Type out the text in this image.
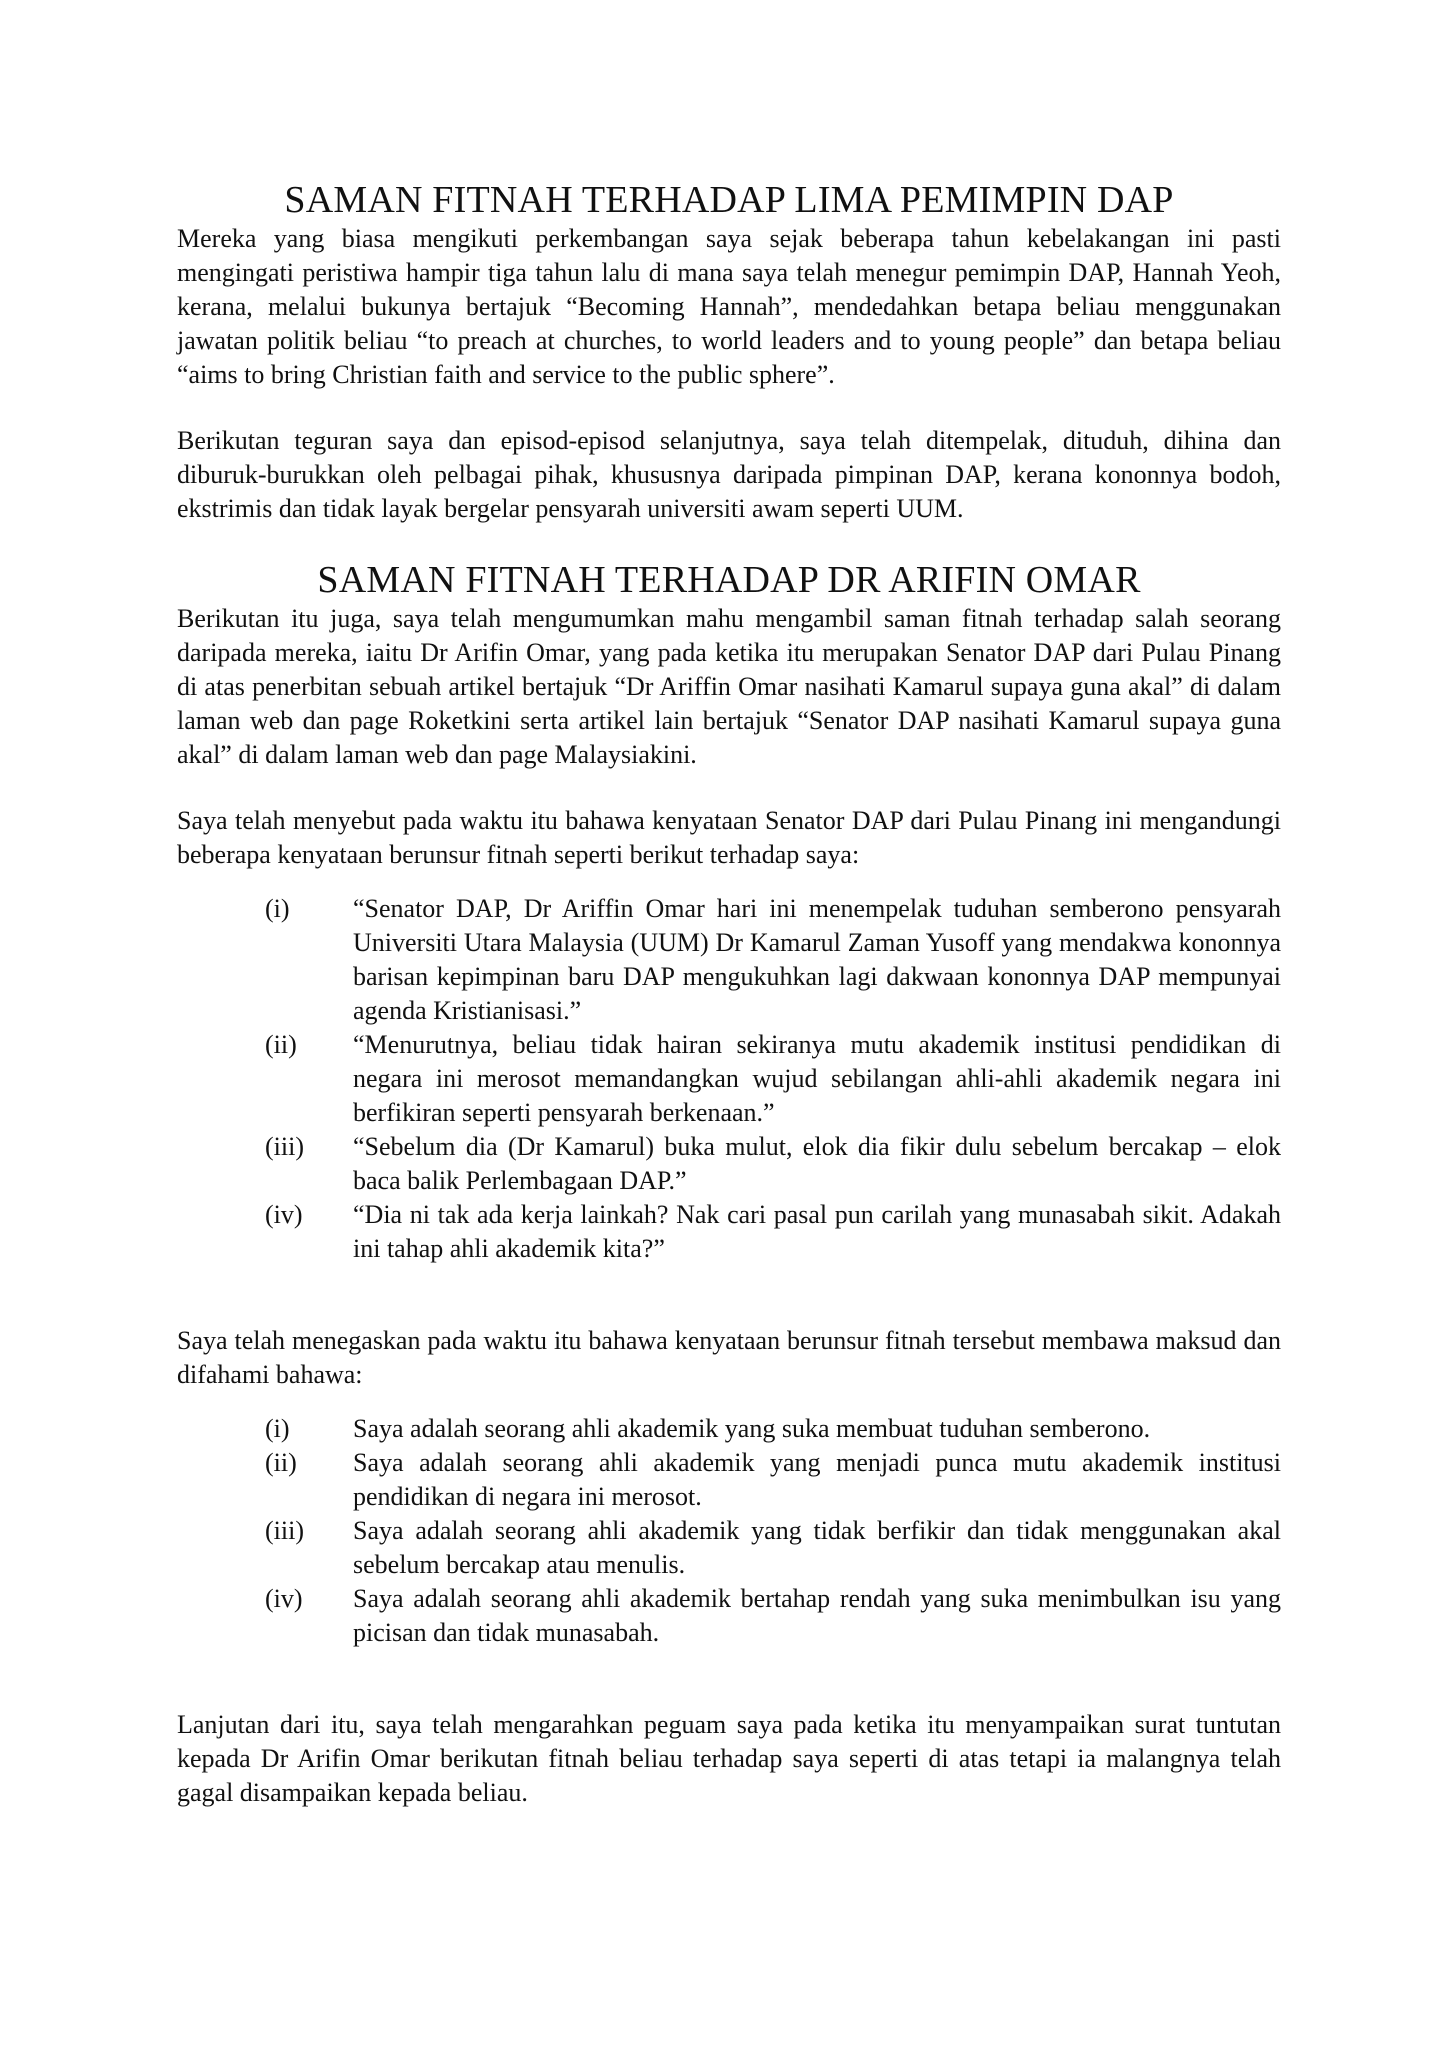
SAMAN FITNAH TERHADAP LIMA PEMIMPIN DAP

Mereka yang biasa mengikuti perkembangan saya sejak beberapa tahun kebelakangan ini pasti mengingati peristiwa hampir tiga tahun lalu di mana saya telah menegur pemimpin DAP, Hannah Yeoh, kerana, melalui bukunya bertajuk “Becoming Hannah”, mendedahkan betapa beliau menggunakan jawatan politik beliau “to preach at churches, to world leaders and to young people” dan betapa beliau “aims to bring Christian faith and service to the public sphere”.

Berikutan teguran saya dan episod-episod selanjutnya, saya telah ditempelak, dituduh, dihina dan diburuk-burukkan oleh pelbagai pihak, khususnya daripada pimpinan DAP, kerana kononnya bodoh, ekstrimis dan tidak layak bergelar pensyarah universiti awam seperti UUM.

SAMAN FITNAH TERHADAP DR ARIFIN OMAR

Berikutan itu juga, saya telah mengumumkan mahu mengambil saman fitnah terhadap salah seorang daripada mereka, iaitu Dr Arifin Omar, yang pada ketika itu merupakan Senator DAP dari Pulau Pinang di atas penerbitan sebuah artikel bertajuk “Dr Ariffin Omar nasihati Kamarul supaya guna akal” di dalam laman web dan page Roketkini serta artikel lain bertajuk “Senator DAP nasihati Kamarul supaya guna akal” di dalam laman web dan page Malaysiakini.

Saya telah menyebut pada waktu itu bahawa kenyataan Senator DAP dari Pulau Pinang ini mengandungi beberapa kenyataan berunsur fitnah seperti berikut terhadap saya:

(i)	“Senator DAP, Dr Ariffin Omar hari ini menempelak tuduhan semberono pensyarah Universiti Utara Malaysia (UUM) Dr Kamarul Zaman Yusoff yang mendakwa kononnya barisan kepimpinan baru DAP mengukuhkan lagi dakwaan kononnya DAP mempunyai agenda Kristianisasi.”
(ii)	“Menurutnya, beliau tidak hairan sekiranya mutu akademik institusi pendidikan di negara ini merosot memandangkan wujud sebilangan ahli-ahli akademik negara ini berfikiran seperti pensyarah berkenaan.”
(iii)	“Sebelum dia (Dr Kamarul) buka mulut, elok dia fikir dulu sebelum bercakap – elok baca balik Perlembagaan DAP.”
(iv)	“Dia ni tak ada kerja lainkah? Nak cari pasal pun carilah yang munasabah sikit. Adakah ini tahap ahli akademik kita?”

Saya telah menegaskan pada waktu itu bahawa kenyataan berunsur fitnah tersebut membawa maksud dan difahami bahawa:

(i)	Saya adalah seorang ahli akademik yang suka membuat tuduhan semberono.
(ii)	Saya adalah seorang ahli akademik yang menjadi punca mutu akademik institusi pendidikan di negara ini merosot.
(iii)	Saya adalah seorang ahli akademik yang tidak berfikir dan tidak menggunakan akal sebelum bercakap atau menulis.
(iv)	Saya adalah seorang ahli akademik bertahap rendah yang suka menimbulkan isu yang picisan dan tidak munasabah.

Lanjutan dari itu, saya telah mengarahkan peguam saya pada ketika itu menyampaikan surat tuntutan kepada Dr Arifin Omar berikutan fitnah beliau terhadap saya seperti di atas tetapi ia malangnya telah gagal disampaikan kepada beliau.
